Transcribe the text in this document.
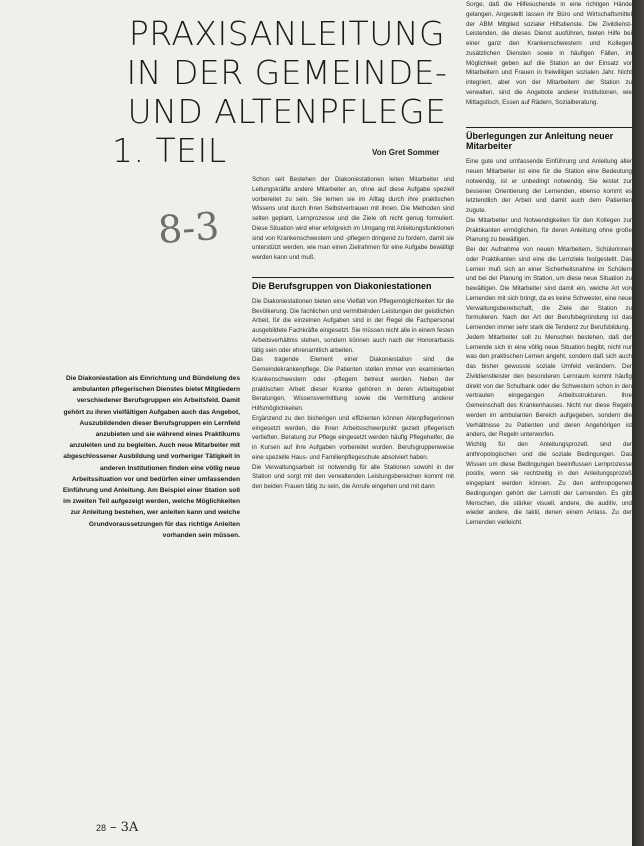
PRAXISANLEITUNG
IN DER GEMEINDE-
UND ALTENPFLEGE
1. TEIL	Von Gret Sommer
8-3
Die Diakoniestation als Einrichtung und Bündelung des ambulanten pflegerischen Dienstes bietet Mitgliedern verschiedener Berufsgruppen ein Arbeitsfeld. Damit gehört zu ihren vielfältigen Aufgaben auch das Angebot, Auszubildenden dieser Berufsgruppen ein Lernfeld anzubieten und sie während eines Praktikums anzuleiten und zu begleiten. Auch neue Mitarbeiter mit abgeschlossener Ausbildung und vorheriger Tätigkeit in anderen Institutionen finden eine völlig neue Arbeitssituation vor und bedürfen einer umfassenden Einführung und Anleitung. Am Beispiel einer Station soll im zweiten Teil aufgezeigt werden, welche Möglichkeiten zur Anleitung bestehen, wer anleiten kann und welche Grundvoraussetzungen für das richtige Anleiten vorhanden sein müssen.

Schon seit Bestehen der Diakoniestationen leiten Mitarbeiter und Leitungskräfte andere Mitarbeiter an, ohne auf diese Aufgabe speziell vorbereitet zu sein. Sie lernen sie im Alltag durch ihre praktischen Wissens und durch ihren Selbstvertrauen mit ihnen. Die Methoden sind selten geplant, Lernprozesse und die Ziele oft nicht genug formuliert. Diese Situation wird eher erfolgreich im Umgang mit Anleitungsfunktionen sind von Krankenschwestern und -pflegern dringend zu fordern, damit sie unterstützt werden, wie man einen Zielrahmen für eine Aufgabe bewältigt werden kann und muß.

Die Berufsgruppen von Diakoniestationen

Die Diakoniestationen bieten eine Vielfalt von Pflegemöglichkeiten für die Bevölkerung. Die fachlichen und vermittelnden Leistungen der geistlichen Arbeit, für die einzelnen Aufgaben sind in der Regel die Fachpersonal ausgebildete Fachkräfte eingesetzt. Sie müssen nicht alle in einem festen Arbeitsverhältnis stehen, sondern können auch nach der Honorarbasis tätig sein oder ehrenamtlich arbeiten.

Das tragende Element einer Diakoniestation sind die Gemeindekrankenpflege. Die Patienten stellen immer von examinierten Krankenschwestern oder -pflegern betreut werden. Neben der praktischen Arbeit dieser Kranke gehören in deren Arbeitsgebiet Beratungen, Wissensvermittlung sowie die Vermittlung anderer Hilfsmöglichkeiten.

Ergänzend zu den bisherigen und effizienten können Altenpflegerinnen eingesetzt werden, die ihren Arbeitsschwerpunkt gezielt pflegerisch vertieften. Beratung zur Pflege eingesetzt werden häufig Pflegehelfer, die in Kursen auf ihre Aufgaben vorbereitet wurden. Berufsgruppenweise eine spezielle Haus- und Familienpflegeschule absolviert haben.

Die Verwaltungsarbeit ist notwendig für alle Stationen sowohl in der Station und sorgt mit den verwaltenden Leistungsbereichen kommt mit den beiden Frauen tätig zu sein, die Anrufe eingehen und mit dann

Sorge, daß die Hilfesuchende in eine richtigen Hände gelangen. Angestellt lassen ihr Büro und Wirtschaftsmittel der ABM Mitglied sozialer Hilfsdienste. Die Zivildienst-Leistenden, die dieses Dienst ausführen, bieten Hilfe bei einer ganz den Krankenschwestern und Kollegen zusätzlichen Diensten sowie in häufigen Fällen, im Möglichkeit geben auf die Station an der Einsatz vor Mitarbeitern und Frauen in freiwilligen sozialen Jahr. Nicht integriert, aber von der Mitarbeitern der Station zu verwalten, sind die Angebote anderer Institutionen, wie Mittagstisch, Essen auf Rädern, Sozialberatung.

Überlegungen zur Anleitung neuer Mitarbeiter

Eine gute und umfassende Einführung und Anleitung aller neuen Mitarbeiter ist eine für die Station eine Bedeutung notwendig, ist er unbedingt notwendig. Sie leistet zur besseren Orientierung der Lernenden, ebenso kommt es letztendlich der Arbeit und damit auch dem Patienten zugute.

Die Mitarbeiter und Notwendigkeiten für den Kollegen zur Praktikanten ermöglichen, für deren Anleitung ohne große Planung zu bewältigen.

Bei der Aufnahme von neuen Mitarbeitern, Schülerinnen oder Praktikanten sind eine die Lernziele festgestellt. Das Lernen muß sich an einer Sicherheitsnahme im Schülern und bei der Planung im Station, um diese neue Situation zu bewältigen. Die Mitarbeiter sind damit ein, welche Art von Lernenden mit sich bringt, da es keine Schwester, eine neue Verwaltungsbereitschaft, die Ziele der Station zu formulieren. Nach der Art der Berufsbegründung ist das Lernenden immer sehr stark die Tendenz zur Berufsbildung.

Jedem Mitarbeiter soll zu Menschen bestehen, daß der Lernende sich in eine völlig neue Situation begibt, nicht nur was den praktischen Lernen angeht, sondern daß sich auch das bisher gewusste soziale Umfeld verändern. Der Zivildienstleister den besonderen Lernraum kommt häufig direkt von der Schulbank oder die Schwestern schon in den vertrauten eingegangen Arbeitsstrukturen. Ihre Gemeinschaft des Krankenhauses. Nicht nur diese Regeln werden im ambulanten Bereich aufgegeben, sondern die Verhältnisse zu Patienten und deren Angehörigen ist anders, der Regeln unterworfen.

Wichtig für den Anleitungsprozeß sind der anthropologischen und die soziale Bedingungen. Das Wissen um diese Bedingungen beeinflussen Lernprozesse positiv, wenn sie rechtzeitig in den Anleitungsprozeß eingeplant werden können. Zu den anthropogenen Bedingungen gehört der Lernstil der Lernenden. Es gibt Menschen, die stärker visuell, andere, die auditiv, und wieder andere, die taktil, denen einem Anlass. Zu der Lernenden vielleicht.

28 – 3A
